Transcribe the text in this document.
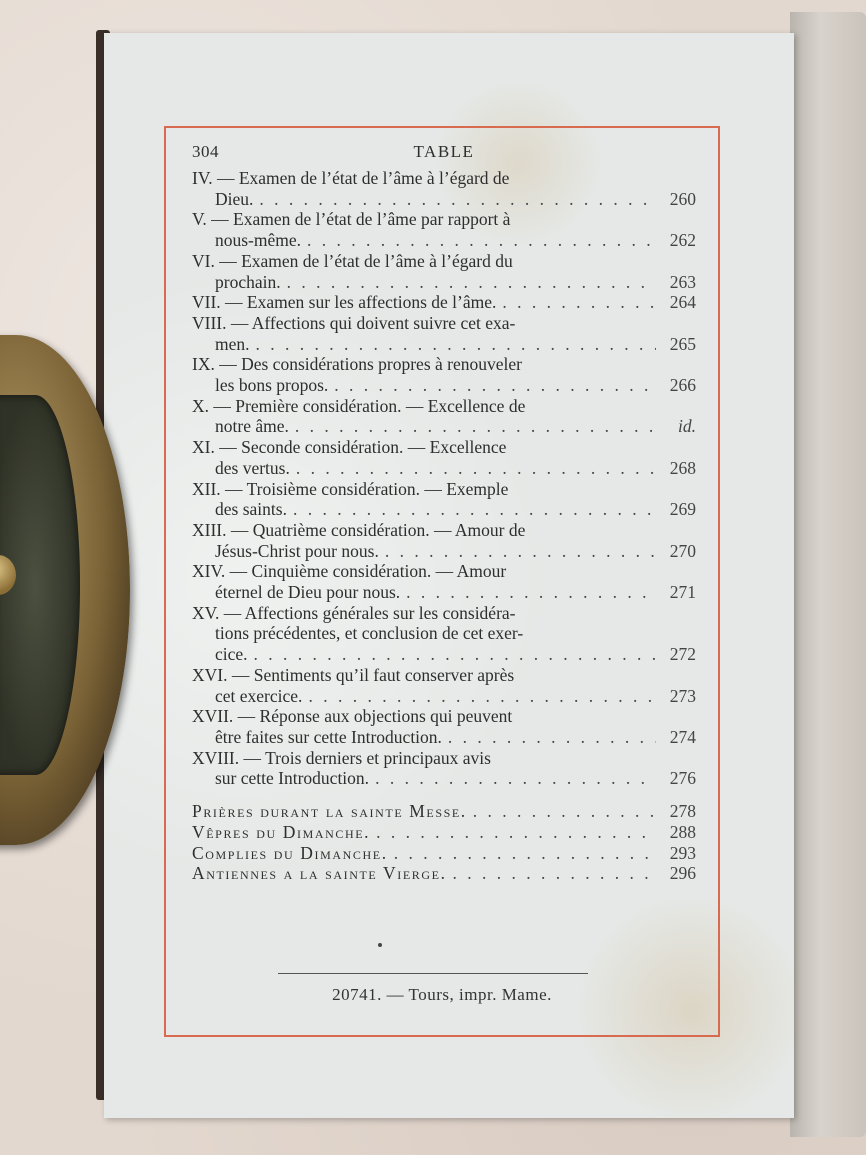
304	TABLE
IV. — Examen de l’état de l’âme à l’égard de
Dieu. . . .	260
V. — Examen de l’état de l’âme par rapport à
nous-même. . . .	262
VI. — Examen de l’état de l’âme à l’égard du
prochain. . . .	263
VII. — Examen sur les affections de l’âme. . . .	264
VIII. — Affections qui doivent suivre cet exa-
men. . . .	265
IX. — Des considérations propres à renouveler
les bons propos. . . .	266
X. — Première considération. — Excellence de
notre âme. . . .	id.
XI. — Seconde considération. — Excellence
des vertus. . . .	268
XII. — Troisième considération. — Exemple
des saints. . . .	269
XIII. — Quatrième considération. — Amour de
Jésus-Christ pour nous. . . .	270
XIV. — Cinquième considération. — Amour
éternel de Dieu pour nous. . . .	271
XV. — Affections générales sur les considéra-
tions précédentes, et conclusion de cet exer-
cice. . . .	272
XVI. — Sentiments qu’il faut conserver après
cet exercice. . . .	273
XVII. — Réponse aux objections qui peuvent
être faites sur cette Introduction. . . .	274
XVIII. — Trois derniers et principaux avis
sur cette Introduction. . . .	276
Prières durant la sainte Messe. . . .	278
Vêpres du Dimanche. . . .	288
Complies du Dimanche. . . .	293
Antiennes a la sainte Vierge. . . .	296
20741. — Tours, impr. Mame.
